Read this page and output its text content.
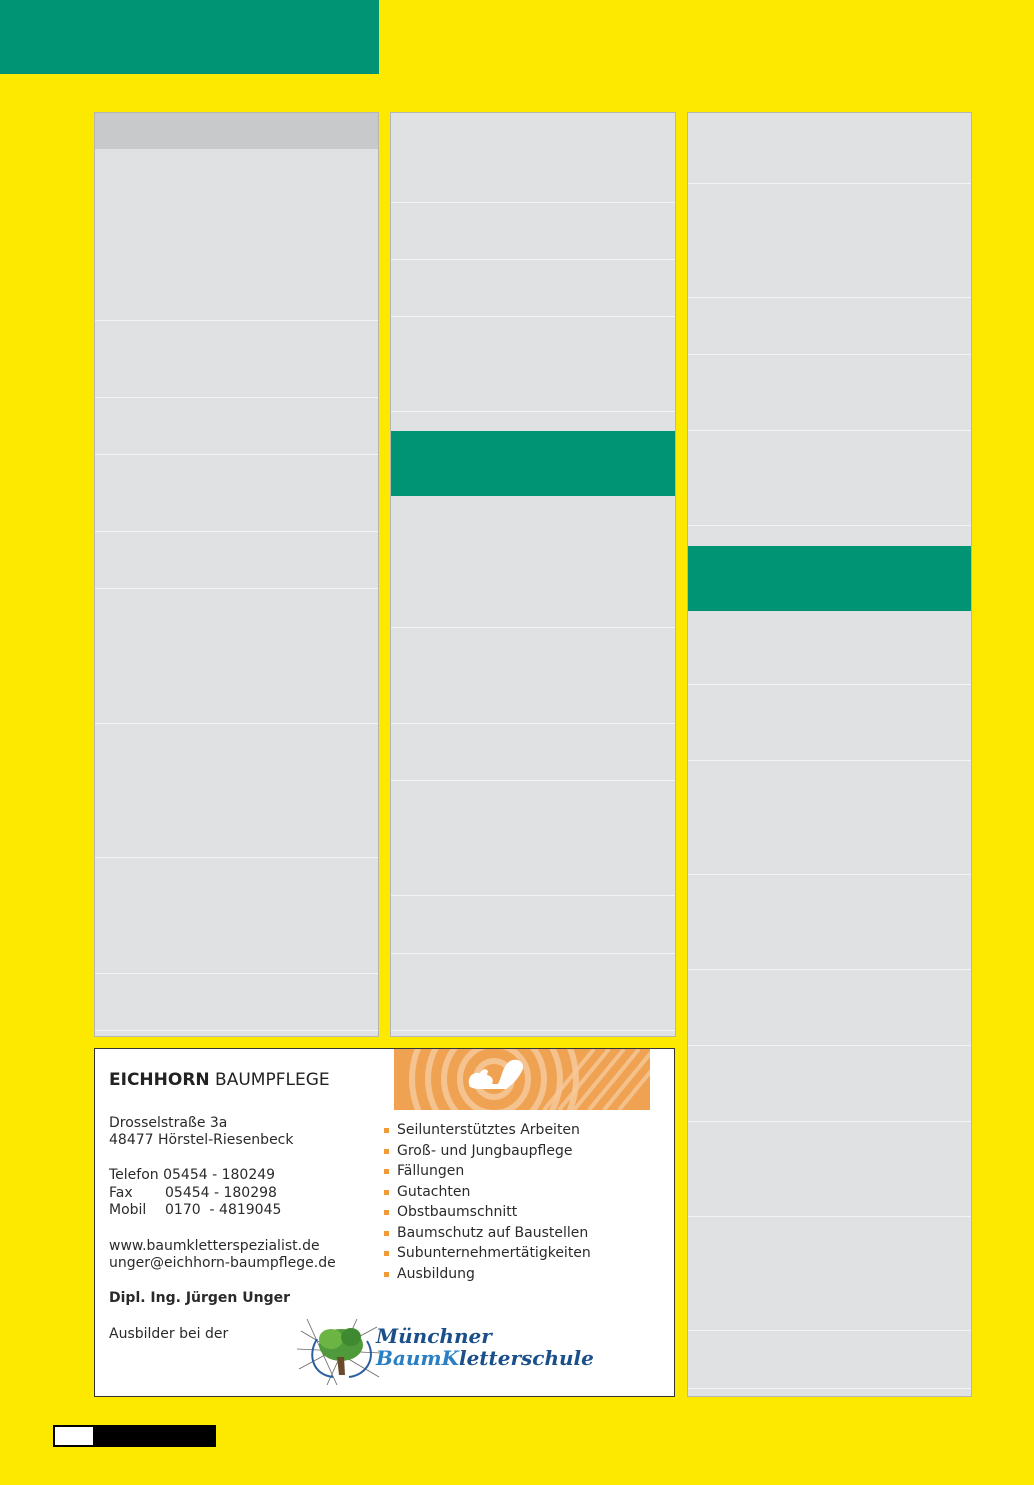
EICHHORN BAUMPFLEGE
Drosselstraße 3a
48477 Hörstel-Riesenbeck
Telefon 05454 - 180249
Fax 05454 - 180298
Mobil 0170  - 4819045
www.baumkletterspezialist.de
unger@eichhorn-baumpflege.de
Dipl. Ing. Jürgen Unger
Ausbilder bei der
Seilunterstütztes Arbeiten
Groß- und Jungbaupflege
Fällungen
Gutachten
Obstbaumschnitt
Baumschutz auf Baustellen
Subunternehmertätigkeiten
Ausbildung
Münchner
BaumKletterschule
